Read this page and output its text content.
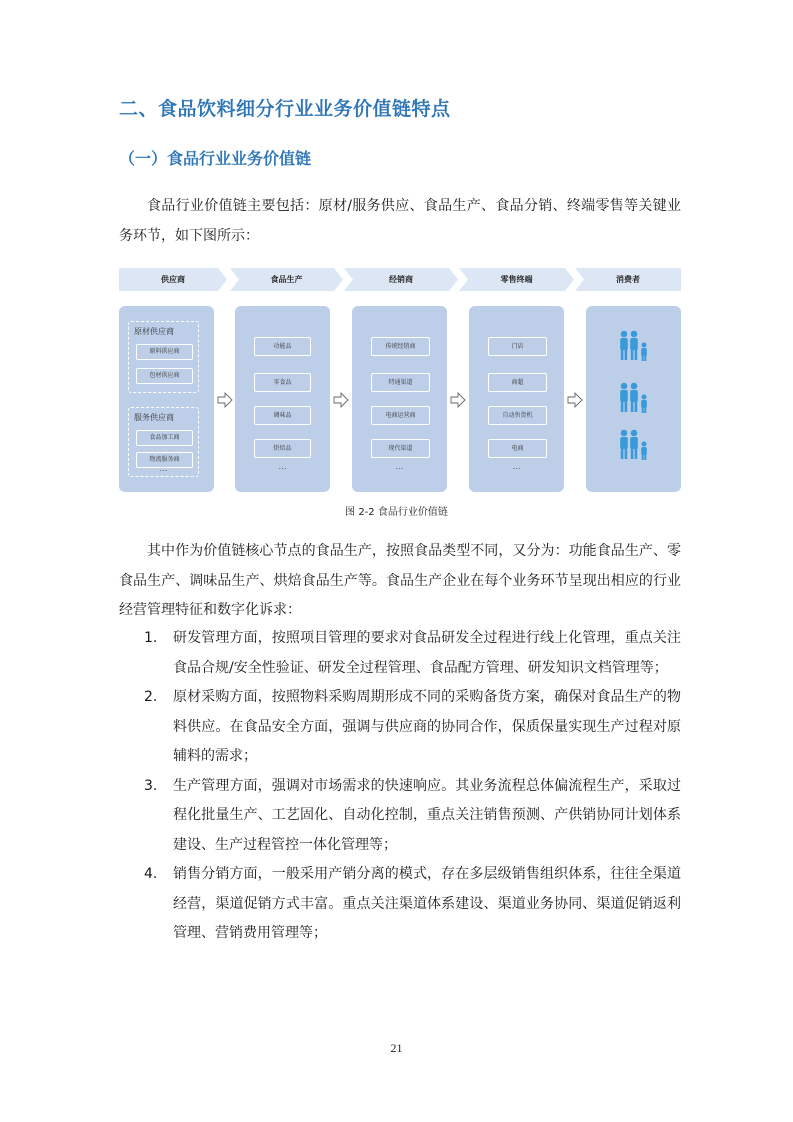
二、食品饮料细分行业业务价值链特点
（一）食品行业业务价值链
食品行业价值链主要包括：原材/服务供应、食品生产、食品分销、终端零售等关键业务环节，如下图所示：
供应商	食品生产	经销商	零售终端	消费者
原材供应商
原料供应商
包材供应商
服务供应商
食品加工商
物流服务商
…
功能品
零食品
调味品
烘焙品
…
传统经销商
特通渠道
电商运营商
现代渠道
…
门店
商超
自动售货机
电商
…
图 2-2 食品行业价值链
其中作为价值链核心节点的食品生产，按照食品类型不同，又分为：功能食品生产、零食品生产、调味品生产、烘焙食品生产等。食品生产企业在每个业务环节呈现出相应的行业经营管理特征和数字化诉求：
1.	研发管理方面，按照项目管理的要求对食品研发全过程进行线上化管理，重点关注食品合规/安全性验证、研发全过程管理、食品配方管理、研发知识文档管理等；
2.	原材采购方面，按照物料采购周期形成不同的采购备货方案，确保对食品生产的物料供应。在食品安全方面，强调与供应商的协同合作，保质保量实现生产过程对原辅料的需求；
3.	生产管理方面，强调对市场需求的快速响应。其业务流程总体偏流程生产，采取过程化批量生产、工艺固化、自动化控制，重点关注销售预测、产供销协同计划体系建设、生产过程管控一体化管理等；
4.	销售分销方面，一般采用产销分离的模式，存在多层级销售组织体系，往往全渠道经营，渠道促销方式丰富。重点关注渠道体系建设、渠道业务协同、渠道促销返利管理、营销费用管理等；
21
